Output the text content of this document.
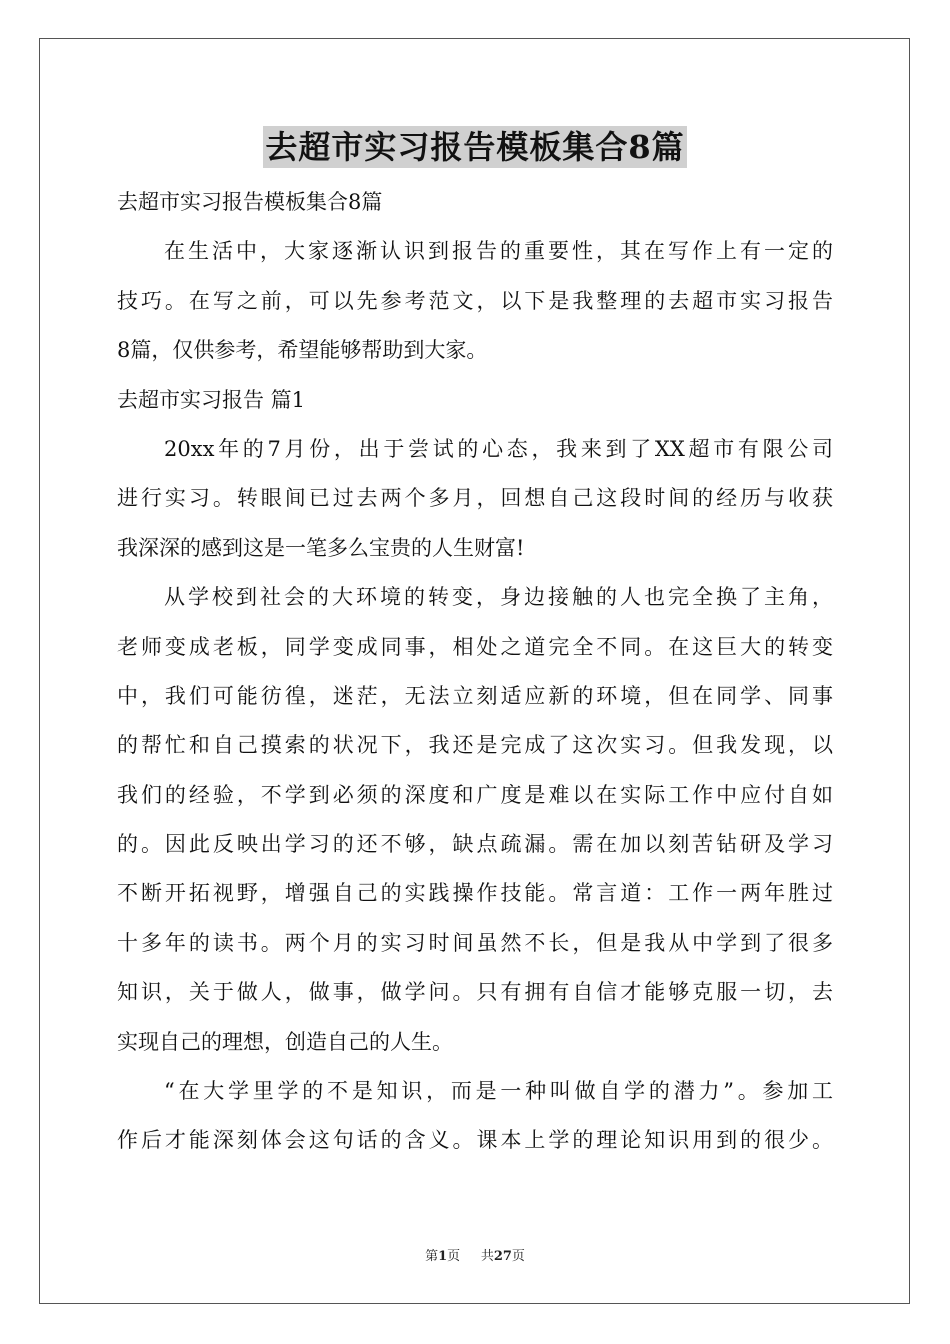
去超市实习报告模板集合8篇
去超市实习报告模板集合8篇
在生活中，大家逐渐认识到报告的重要性，其在写作上有一定的
技巧。在写之前，可以先参考范文，以下是我整理的去超市实习报告
8篇，仅供参考，希望能够帮助到大家。
去超市实习报告 篇1
20xx年的7月份，出于尝试的心态，我来到了XX超市有限公司
进行实习。转眼间已过去两个多月，回想自己这段时间的经历与收获
我深深的感到这是一笔多么宝贵的人生财富!
从学校到社会的大环境的转变，身边接触的人也完全换了主角，
老师变成老板，同学变成同事，相处之道完全不同。在这巨大的转变
中，我们可能彷徨，迷茫，无法立刻适应新的环境，但在同学、同事
的帮忙和自己摸索的状况下，我还是完成了这次实习。但我发现，以
我们的经验，不学到必须的深度和广度是难以在实际工作中应付自如
的。因此反映出学习的还不够，缺点疏漏。需在加以刻苦钻研及学习
不断开拓视野，增强自己的实践操作技能。常言道：工作一两年胜过
十多年的读书。两个月的实习时间虽然不长，但是我从中学到了很多
知识，关于做人，做事，做学问。只有拥有自信才能够克服一切，去
实现自己的理想，创造自己的人生。
“在大学里学的不是知识，而是一种叫做自学的潜力”。参加工
作后才能深刻体会这句话的含义。课本上学的理论知识用到的很少。
第1页 共27页
